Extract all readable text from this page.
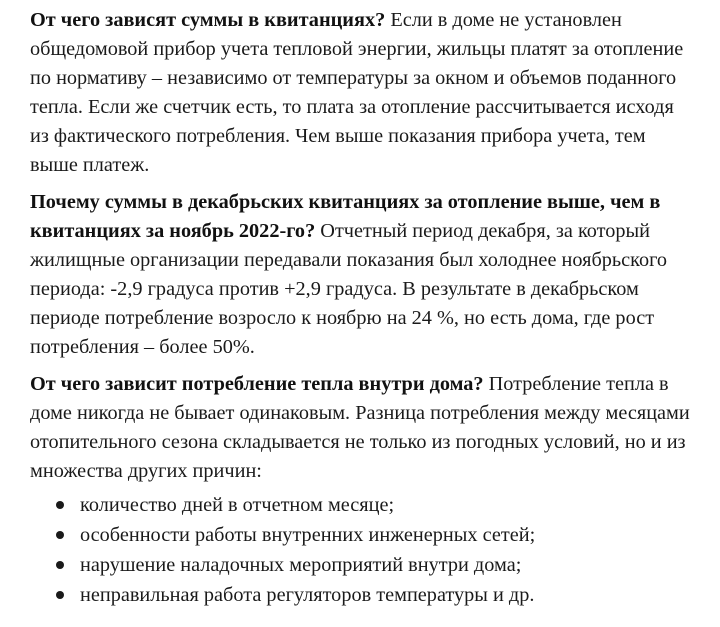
От чего зависят суммы в квитанциях? Если в доме не установлен общедомовой прибор учета тепловой энергии, жильцы платят за отопление по нормативу – независимо от температуры за окном и объемов поданного тепла. Если же счетчик есть, то плата за отопление рассчитывается исходя из фактического потребления. Чем выше показания прибора учета, тем выше платеж.

Почему суммы в декабрьских квитанциях за отопление выше, чем в квитанциях за ноябрь 2022-го? Отчетный период декабря, за который жилищные организации передавали показания был холоднее ноябрьского периода: -2,9 градуса против +2,9 градуса. В результате в декабрьском периоде потребление возросло к ноябрю на 24 %, но есть дома, где рост потребления – более 50%.

От чего зависит потребление тепла внутри дома? Потребление тепла в доме никогда не бывает одинаковым. Разница потребления между месяцами отопительного сезона складывается не только из погодных условий, но и из множества других причин:

количество дней в отчетном месяце;
особенности работы внутренних инженерных сетей;
нарушение наладочных мероприятий внутри дома;
неправильная работа регуляторов температуры и др.
